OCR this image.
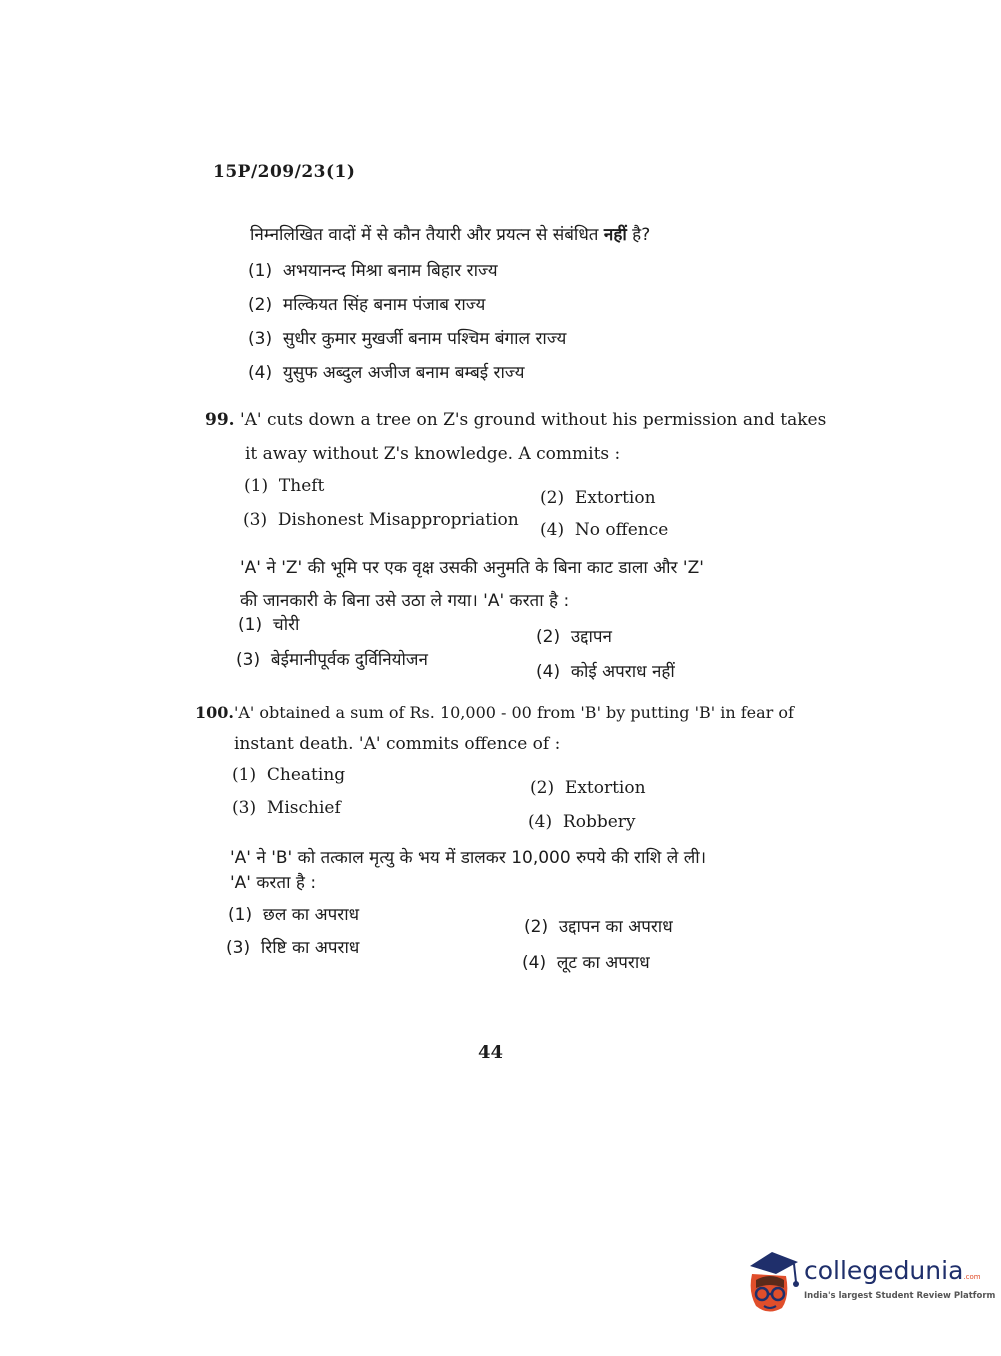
15P/209/23(1)
निम्नलिखित वादों में से कौन तैयारी और प्रयत्न से संबंधित नहीं है?
(1) अभयानन्द मिश्रा बनाम बिहार राज्य
(2) मल्कियत सिंह बनाम पंजाब राज्य
(3) सुधीर कुमार मुखर्जी बनाम पश्चिम बंगाल राज्य
(4) युसुफ अब्दुल अजीज बनाम बम्बई राज्य
99. 'A' cuts down a tree on Z's ground without his permission and takes
it away without Z's knowledge. A commits :
(1) Theft
(2) Extortion
(3) Dishonest Misappropriation (4) No offence
'A' ने 'Z' की भूमि पर एक वृक्ष उसकी अनुमति के बिना काट डाला और 'Z'
की जानकारी के बिना उसे उठा ले गया। 'A' करता है :
(1) चोरी
(2) उद्दापन
(3) बेईमानीपूर्वक दुर्विनियोजन
(4) कोई अपराध नहीं
100.'A' obtained a sum of Rs. 10,000 - 00 from 'B' by putting 'B' in fear of
instant death. 'A' commits offence of :
(1) Cheating
(2) Extortion
(3) Mischief
(4) Robbery
'A' ने 'B' को तत्काल मृत्यु के भय में डालकर 10,000 रुपये की राशि ले ली।
'A' करता है :
(1) छल का अपराध
(2) उद्दापन का अपराध
(3) रिष्टि का अपराध
(4) लूट का अपराध
44
collegedunia.com
India's largest Student Review Platform
